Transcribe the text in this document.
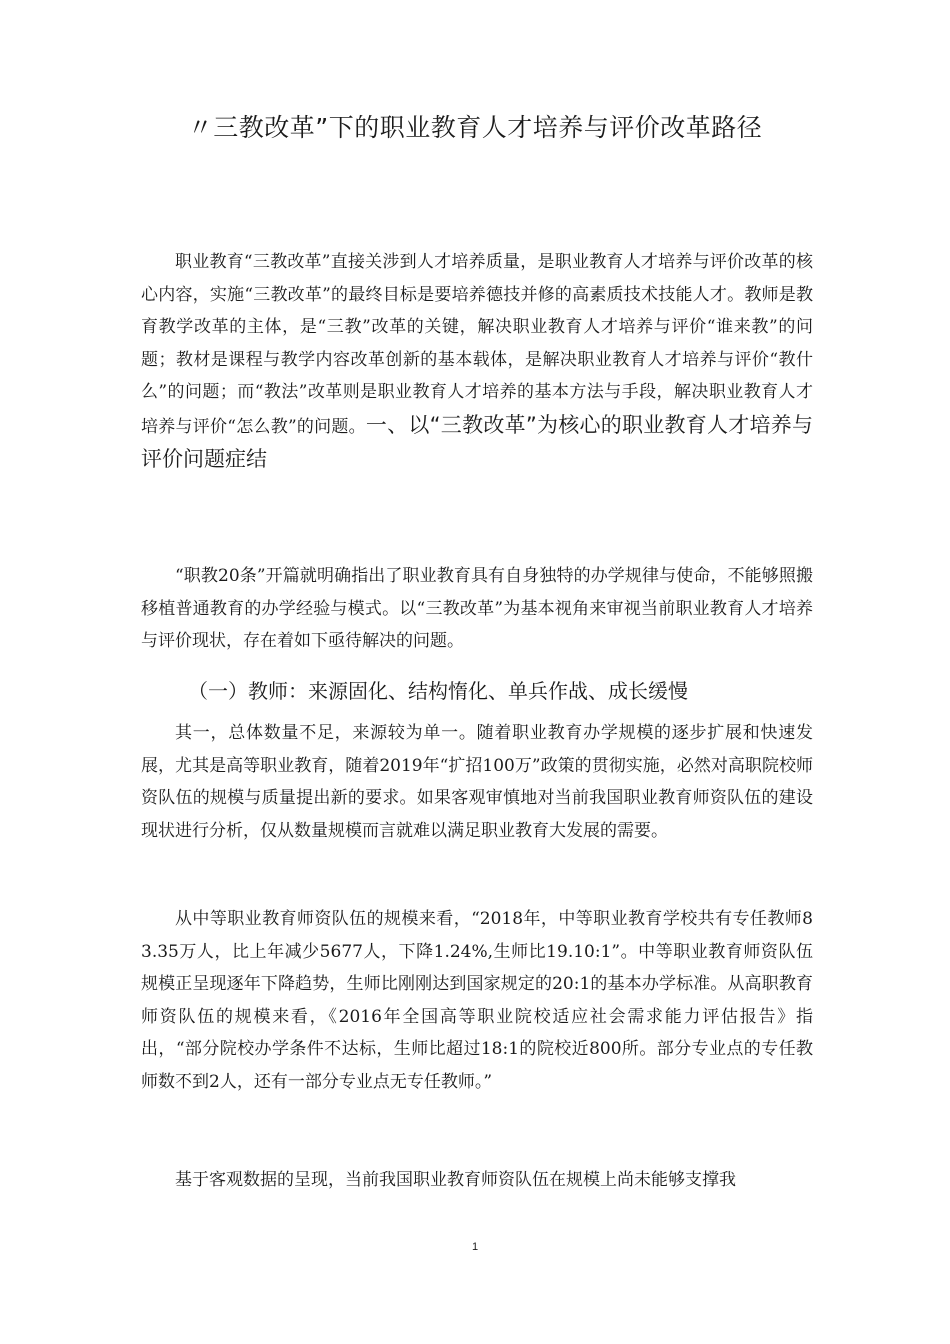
〃三教改革”下的职业教育人才培养与评价改革路径

职业教育“三教改革”直接关涉到人才培养质量，是职业教育人才培养与评价改革的核心内容，实施“三教改革”的最终目标是要培养德技并修的高素质技术技能人才。教师是教育教学改革的主体，是“三教”改革的关键，解决职业教育人才培养与评价“谁来教”的问题；教材是课程与教学内容改革创新的基本载体，是解决职业教育人才培养与评价“教什么”的问题；而“教法”改革则是职业教育人才培养的基本方法与手段，解决职业教育人才培养与评价“怎么教”的问题。一、以“三教改革”为核心的职业教育人才培养与评价问题症结

“职教20条”开篇就明确指出了职业教育具有自身独特的办学规律与使命，不能够照搬移植普通教育的办学经验与模式。以“三教改革”为基本视角来审视当前职业教育人才培养与评价现状，存在着如下亟待解决的问题。

（一）教师：来源固化、结构惰化、单兵作战、成长缓慢

其一，总体数量不足，来源较为单一。随着职业教育办学规模的逐步扩展和快速发展，尤其是高等职业教育，随着2019年“扩招100万”政策的贯彻实施，必然对高职院校师资队伍的规模与质量提出新的要求。如果客观审慎地对当前我国职业教育师资队伍的建设现状进行分析，仅从数量规模而言就难以满足职业教育大发展的需要。

从中等职业教育师资队伍的规模来看，“2018年，中等职业教育学校共有专任教师83.35万人，比上年减少5677人，下降1.24%,生师比19.10:1”。中等职业教育师资队伍规模正呈现逐年下降趋势，生师比刚刚达到国家规定的20:1的基本办学标准。从高职教育师资队伍的规模来看，《2016年全国高等职业院校适应社会需求能力评估报告》指出，“部分院校办学条件不达标，生师比超过18:1的院校近800所。部分专业点的专任教师数不到2人，还有一部分专业点无专任教师。”

基于客观数据的呈现，当前我国职业教育师资队伍在规模上尚未能够支撑我

1
